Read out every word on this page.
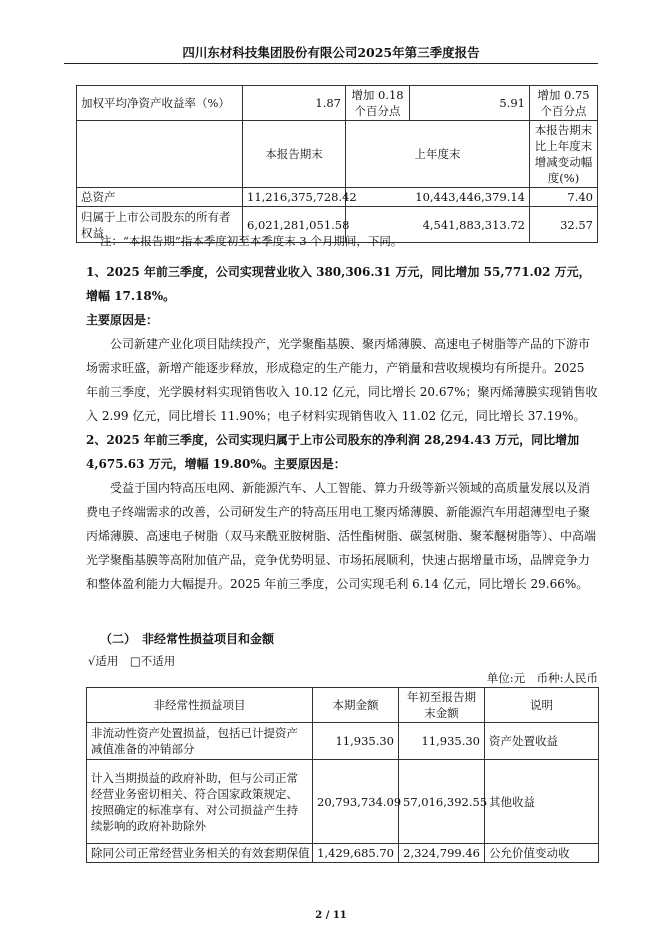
四川东材科技集团股份有限公司2025年第三季度报告
加权平均净资产收益率（%）	1.87	增加 0.18 个百分点	5.91	增加 0.75 个百分点
	本报告期末	上年度末		本报告期末比上年度末增减变动幅度(%)
总资产	11,216,375,728.42	10,443,446,379.14		7.40
归属于上市公司股东的所有者权益	6,021,281,051.58	4,541,883,313.72		32.57
注：“本报告期”指本季度初至本季度末 3 个月期间，下同。

1、2025 年前三季度，公司实现营业收入 380,306.31 万元，同比增加 55,771.02 万元，增幅 17.18%。

主要原因是：

公司新建产业化项目陆续投产，光学聚酯基膜、聚丙烯薄膜、高速电子树脂等产品的下游市场需求旺盛，新增产能逐步释放，形成稳定的生产能力，产销量和营收规模均有所提升。2025 年前三季度，光学膜材料实现销售收入 10.12 亿元，同比增长 20.67%；聚丙烯薄膜实现销售收入 2.99 亿元，同比增长 11.90%；电子材料实现销售收入 11.02 亿元，同比增长 37.19%。

2、2025 年前三季度，公司实现归属于上市公司股东的净利润 28,294.43 万元，同比增加 4,675.63 万元，增幅 19.80%。主要原因是：

受益于国内特高压电网、新能源汽车、人工智能、算力升级等新兴领域的高质量发展以及消费电子终端需求的改善，公司研发生产的特高压用电工聚丙烯薄膜、新能源汽车用超薄型电子聚丙烯薄膜、高速电子树脂（双马来酰亚胺树脂、活性酯树脂、碳氢树脂、聚苯醚树脂等）、中高端光学聚酯基膜等高附加值产品，竞争优势明显、市场拓展顺利，快速占据增量市场，品牌竞争力和整体盈利能力大幅提升。2025 年前三季度，公司实现毛利 6.14 亿元，同比增长 29.66%。

（二）　非经常性损益项目和金额
√适用　□不适用
单位:元　币种:人民币
非经常性损益项目	本期金额	年初至报告期末金额	说明
非流动性资产处置损益，包括已计提资产减值准备的冲销部分	11,935.30	11,935.30	资产处置收益
计入当期损益的政府补助，但与公司正常经营业务密切相关、符合国家政策规定、按照确定的标准享有、对公司损益产生持续影响的政府补助除外	20,793,734.09	57,016,392.55	其他收益
除同公司正常经营业务相关的有效套期保值	1,429,685.70	2,324,799.46	公允价值变动收
2 / 11
